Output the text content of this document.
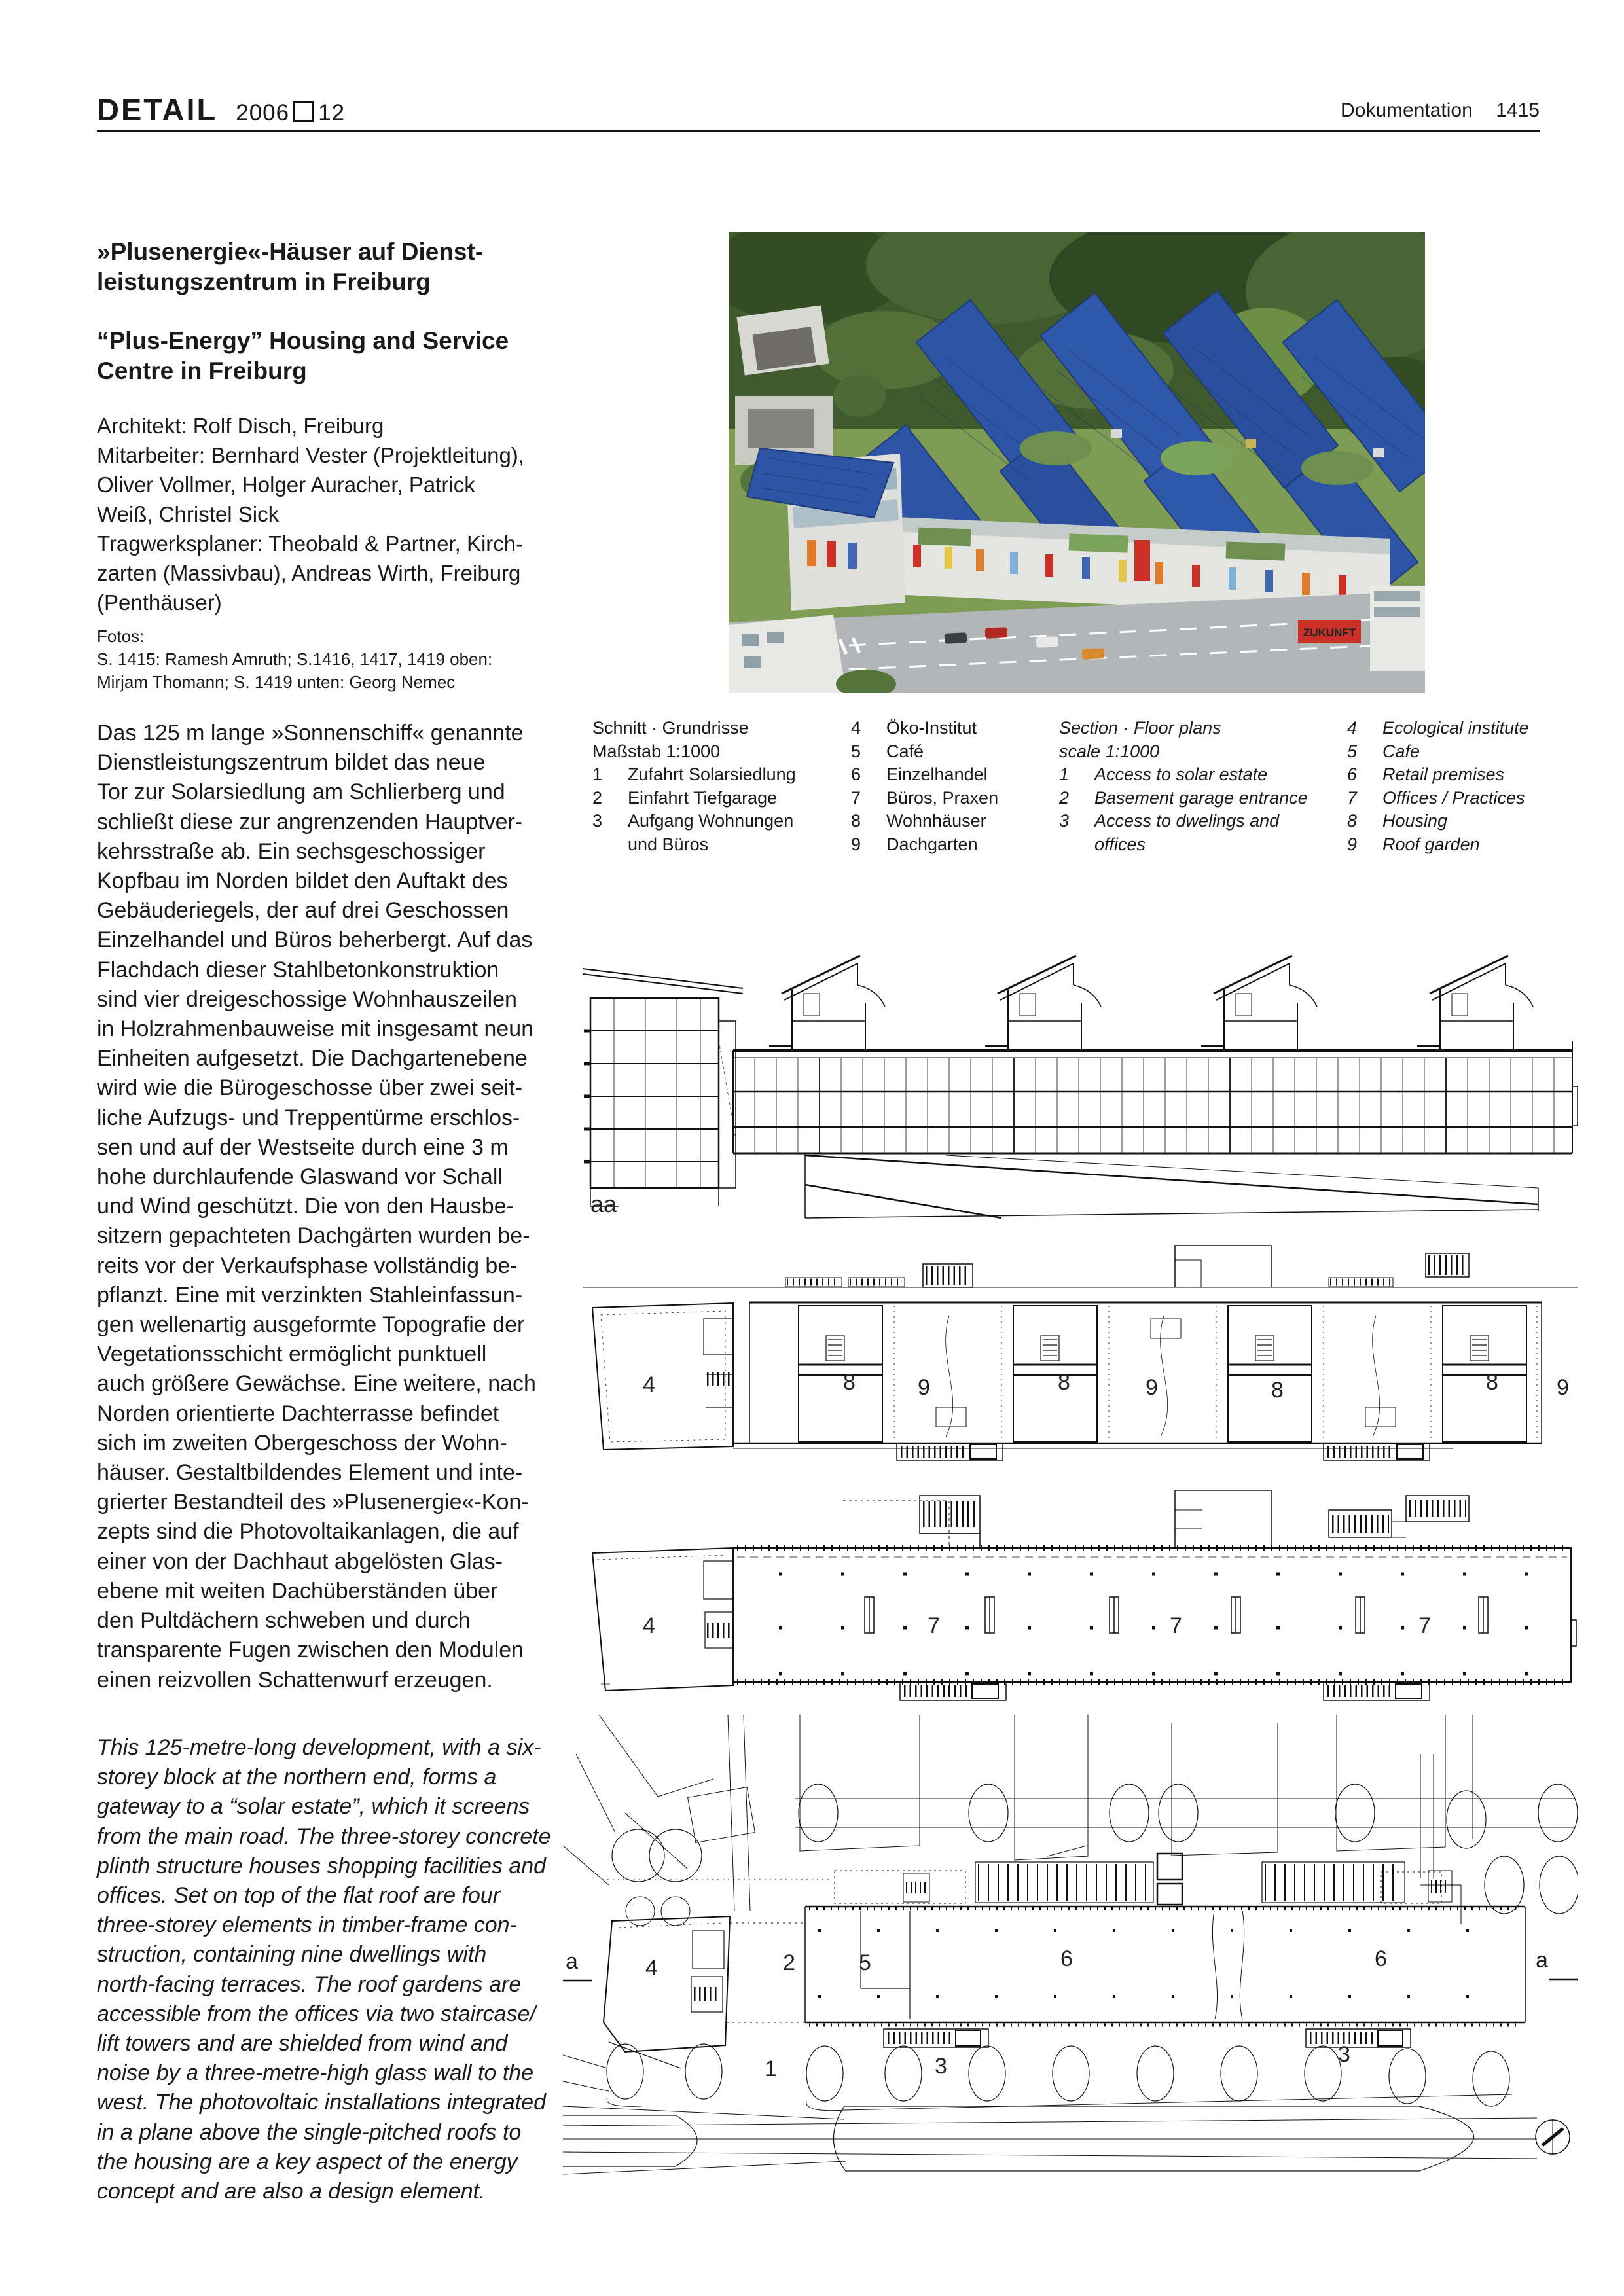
DETAIL 2006 12	Dokumentation 1415
»Plusenergie«-Häuser auf Dienst-
leistungszentrum in Freiburg
“Plus-Energy” Housing and Service
Centre in Freiburg
Architekt: Rolf Disch, Freiburg
Mitarbeiter: Bernhard Vester (Projektleitung),
Oliver Vollmer, Holger Auracher, Patrick
Weiß, Christel Sick
Tragwerksplaner: Theobald & Partner, Kirch-
zarten (Massivbau), Andreas Wirth, Freiburg
(Penthäuser)
Fotos:
S. 1415: Ramesh Amruth; S.1416, 1417, 1419 oben:
Mirjam Thomann; S. 1419 unten: Georg Nemec
Das 125 m lange »Sonnenschiff« genannte
Dienstleistungszentrum bildet das neue
Tor zur Solarsiedlung am Schlierberg und
schließt diese zur angrenzenden Hauptver-
kehrsstraße ab. Ein sechsgeschossiger
Kopfbau im Norden bildet den Auftakt des
Gebäuderiegels, der auf drei Geschossen
Einzelhandel und Büros beherbergt. Auf das
Flachdach dieser Stahlbetonkonstruktion
sind vier dreigeschossige Wohnhauszeilen
in Holzrahmenbauweise mit insgesamt neun
Einheiten aufgesetzt. Die Dachgartenebene
wird wie die Bürogeschosse über zwei seit-
liche Aufzugs- und Treppentürme erschlos-
sen und auf der Westseite durch eine 3 m
hohe durchlaufende Glaswand vor Schall
und Wind geschützt. Die von den Hausbe-
sitzern gepachteten Dachgärten wurden be-
reits vor der Verkaufsphase vollständig be-
pflanzt. Eine mit verzinkten Stahleinfassun-
gen wellenartig ausgeformte Topografie der
Vegetationsschicht ermöglicht punktuell
auch größere Gewächse. Eine weitere, nach
Norden orientierte Dachterrasse befindet
sich im zweiten Obergeschoss der Wohn-
häuser. Gestaltbildendes Element und inte-
grierter Bestandteil des »Plusenergie«-Kon-
zepts sind die Photovoltaikanlagen, die auf
einer von der Dachhaut abgelösten Glas-
ebene mit weiten Dachüberständen über
den Pultdächern schweben und durch
transparente Fugen zwischen den Modulen
einen reizvollen Schattenwurf erzeugen.
This 125-metre-long development, with a six-
storey block at the northern end, forms a
gateway to a “solar estate”, which it screens
from the main road. The three-storey concrete
plinth structure houses shopping facilities and
offices. Set on top of the flat roof are four
three-storey elements in timber-frame con-
struction, containing nine dwellings with
north-facing terraces. The roof gardens are
accessible from the offices via two staircase/
lift towers and are shielded from wind and
noise by a three-metre-high glass wall to the
west. The photovoltaic installations integrated
in a plane above the single-pitched roofs to
the housing are a key aspect of the energy
concept and are also a design element.
ZUKUNFT
Schnitt · Grundrisse
Maßstab 1:1000
1	Zufahrt Solarsiedlung
2	Einfahrt Tiefgarage
3	Aufgang Wohnungen
und Büros
4	Öko-Institut
5	Café
6	Einzelhandel
7	Büros, Praxen
8	Wohnhäuser
9	Dachgarten
Section · Floor plans
scale 1:1000
1	Access to solar estate
2	Basement garage entrance
3	Access to dwelings and
offices
4	Ecological institute
5	Cafe
6	Retail premises
7	Offices / Practices
8	Housing
9	Roof garden
aa
4	8	9	8	9	8	8	9
4	7	7	7
a	4	2	5	6	6	a
1	3	3
